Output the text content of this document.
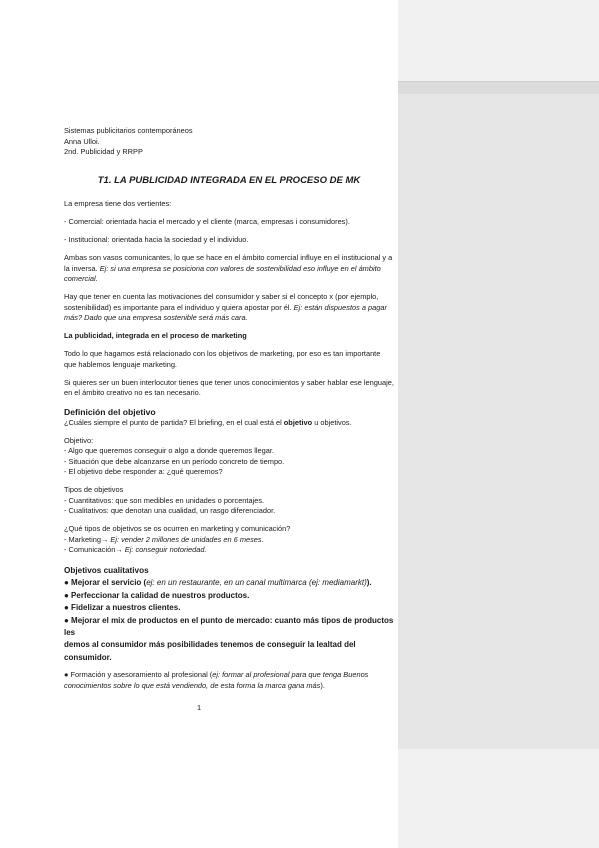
Sistemas publicitarios contemporáneos
Anna Ulloi.
2nd. Publicidad y RRPP
T1. LA PUBLICIDAD INTEGRADA EN EL PROCESO DE MK

La empresa tiene dos vertientes:

- Comercial: orientada hacia el mercado y el cliente (marca, empresas i consumidores).

- Institucional: orientada hacia la sociedad y el individuo.

Ambas son vasos comunicantes, lo que se hace en el ámbito comercial influye en el institucional y a la inversa. Ej: si una empresa se posiciona con valores de sostenibilidad eso influye en el ámbito comercial.

Hay que tener en cuenta las motivaciones del consumidor y saber si el concepto x (por ejemplo, sostenibilidad) es importante para el individuo y quiera apostar por él. Ej: están dispuestos a pagar más? Dado que una empresa sostenible será más cara.

La publicidad, integrada en el proceso de marketing

Todo lo que hagamos está relacionado con los objetivos de marketing, por eso es tan importante que hablemos lenguaje marketing.

Si quieres ser un buen interlocutor tienes que tener unos conocimientos y saber hablar ese lenguaje, en el ámbito creativo no es tan necesario.

Definición del objetivo

¿Cuáles siempre el punto de partida? El briefing, en el cual está el objetivo u objetivos.

Objetivo:
- Algo que queremos conseguir o algo a donde queremos llegar.
- Situación que debe alcanzarse en un período concreto de tiempo.
- El objetivo debe responder a: ¿qué queremos?

Tipos de objetivos
- Cuantitativos: que son medibles en unidades o porcentajes.
- Cualitativos: que denotan una cualidad, un rasgo diferenciador.

¿Qué tipos de objetivos se os ocurren en marketing y comunicación?
- Marketing→ Ej: vender 2 millones de unidades en 6 meses.
- Comunicación→ Ej: conseguir notoriedad.

Objetivos cualitativos
● Mejorar el servicio (ej: en un restaurante, en un canal multimarca (ej: mediamarkt)).
● Perfeccionar la calidad de nuestros productos.
● Fidelizar a nuestros clientes.
● Mejorar el mix de productos en el punto de mercado: cuanto más tipos de productos les
demos al consumidor más posibilidades tenemos de conseguir la lealtad del consumidor.

● Formación y asesoramiento al profesional (ej: formar al profesional para que tenga Buenos conocimientos sobre lo que está vendiendo, de esta forma la marca gana más).

1
